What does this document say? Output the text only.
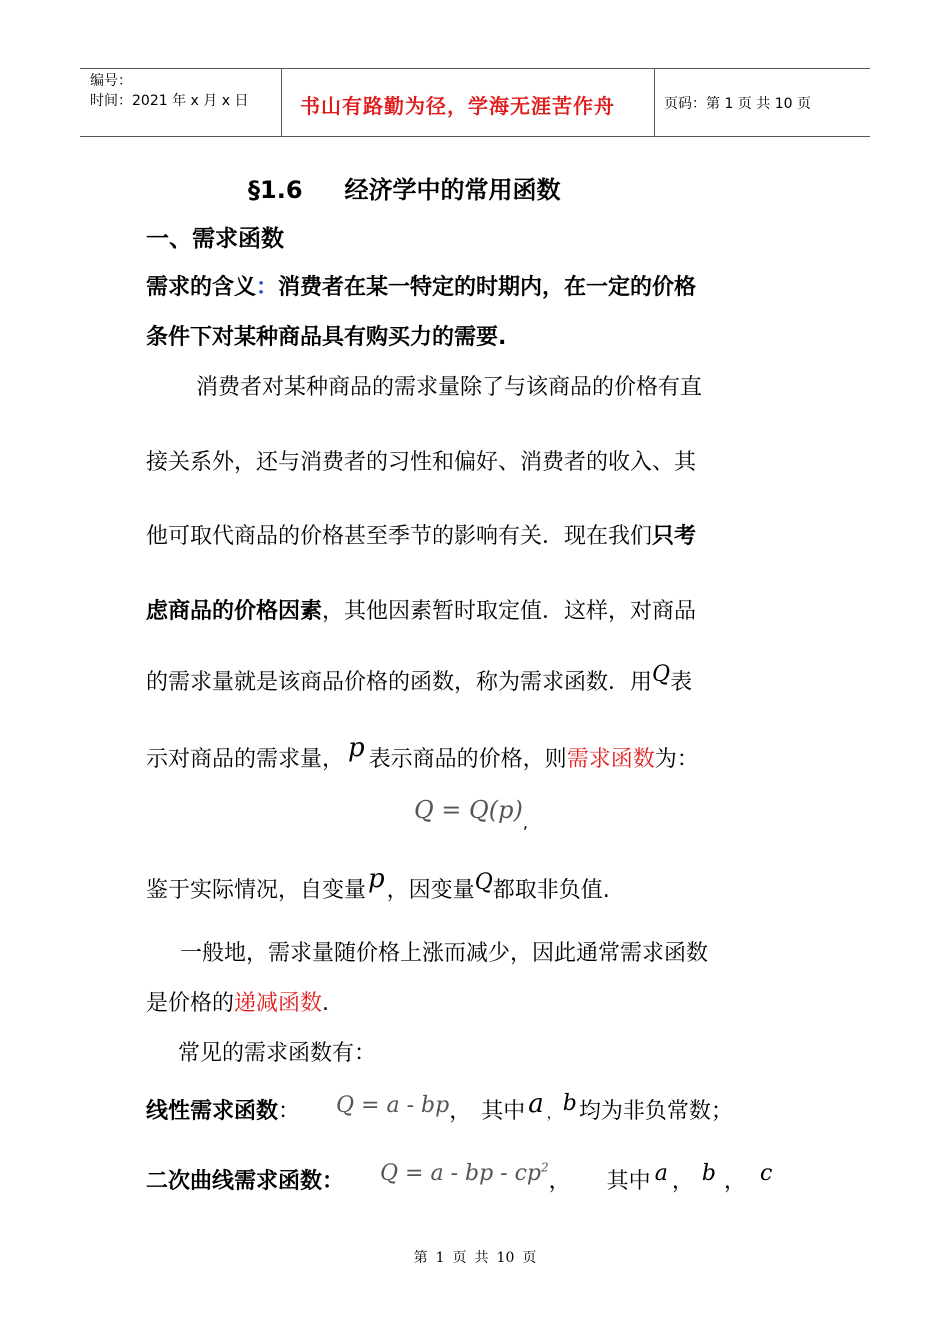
编号：
时间：2021 年 x 月 x 日	书山有路勤为径，学海无涯苦作舟	页码：第 1 页 共 10 页
§1.6 经济学中的常用函数
一、需求函数
需求的含义：消费者在某一特定的时期内，在一定的价格
条件下对某种商品具有购买力的需要.
消费者对某种商品的需求量除了与该商品的价格有直
接关系外，还与消费者的习性和偏好、消费者的收入、其
他可取代商品的价格甚至季节的影响有关．现在我们只考
虑商品的价格因素，其他因素暂时取定值．这样，对商品
的需求量就是该商品价格的函数，称为需求函数．用Q表
示对商品的需求量， p 表示商品的价格，则需求函数为：
Q = Q(p),
鉴于实际情况，自变量p，因变量Q都取非负值.
一般地，需求量随价格上涨而减少，因此通常需求函数
是价格的递减函数.
常见的需求函数有：
线性需求函数： Q = a - bp， 其中 a ，b均为非负常数；
二次曲线需求函数： Q = a - bp - $cp^2$， 其中 a ， b ， c
第 1 页 共 10 页
